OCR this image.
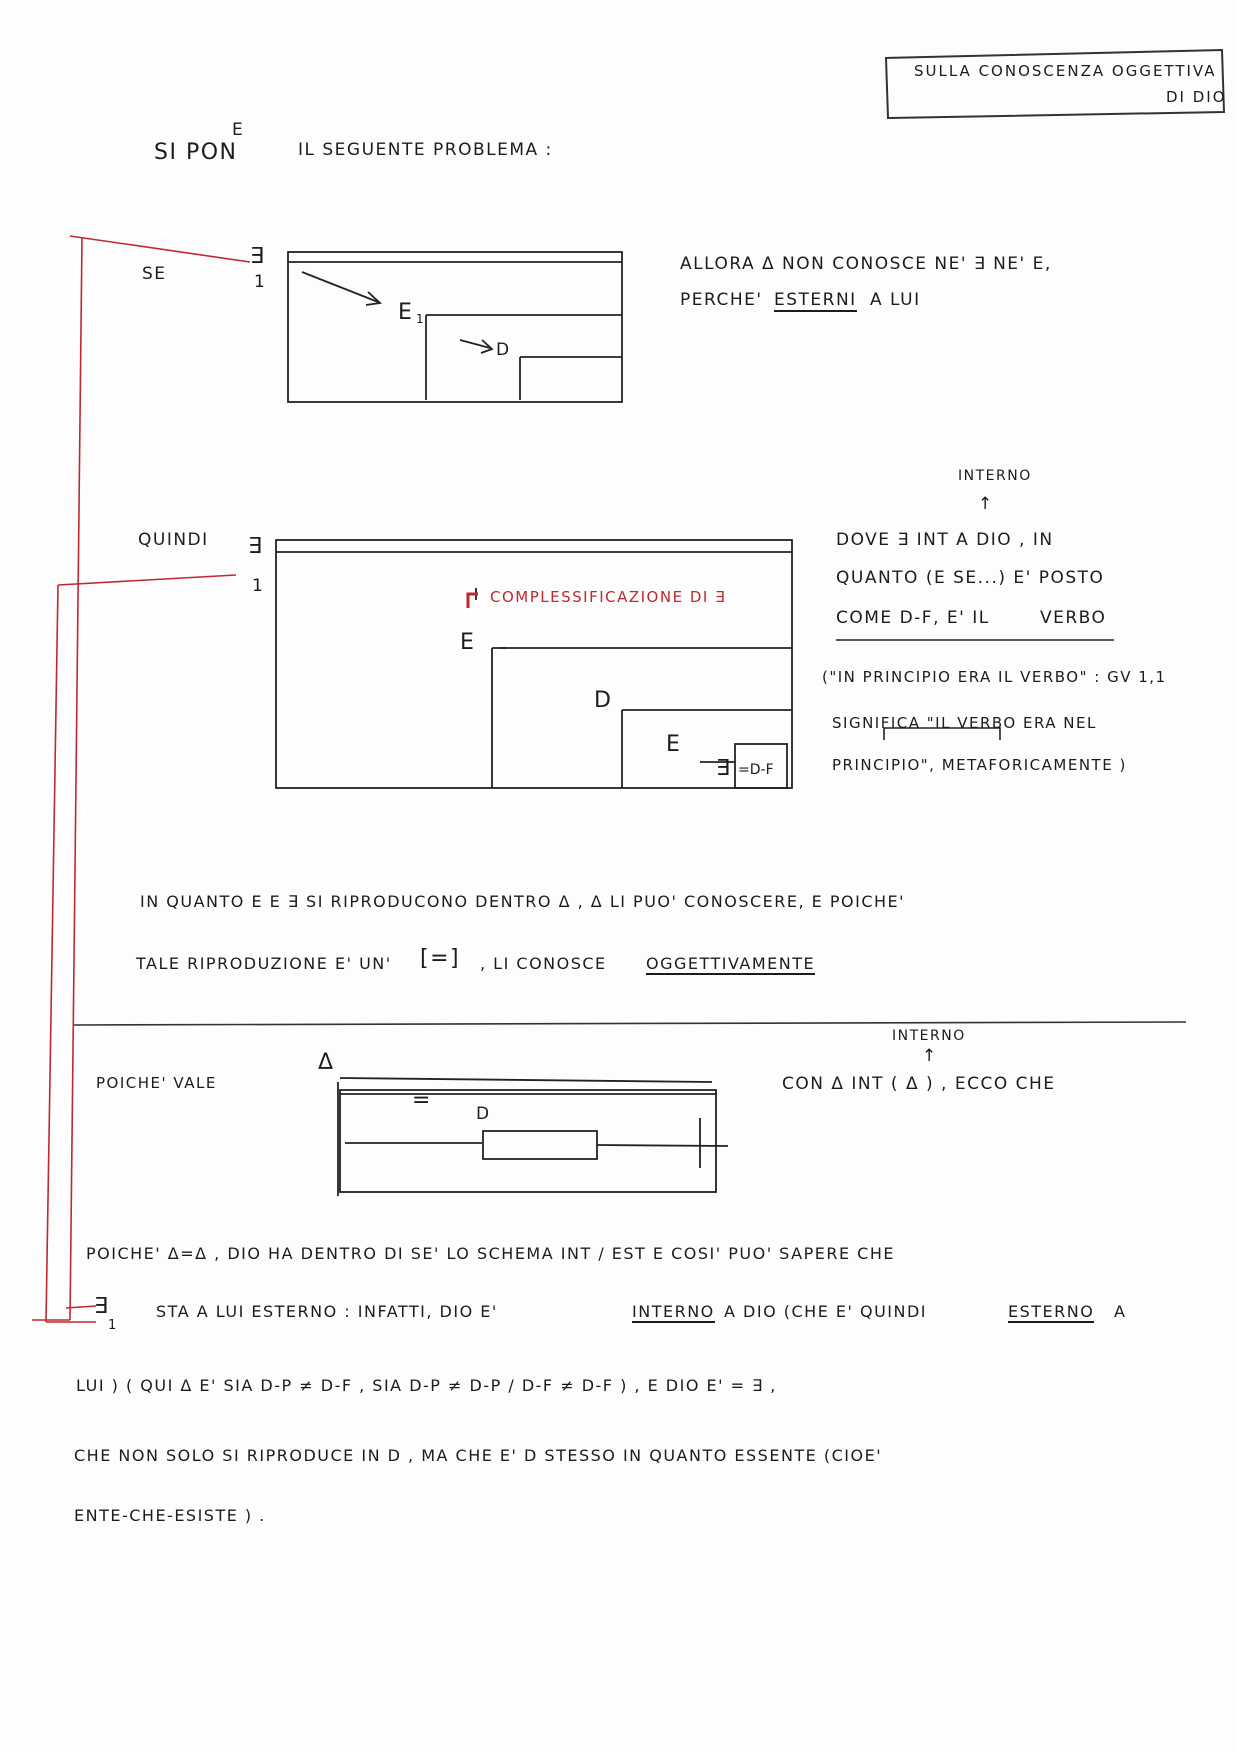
SULLA CONOSCENZA OGGETTIVA
DI DIO
SI PON
E
IL SEGUENTE PROBLEMA :
SE
∃
1
E 1
D
ALLORA Δ NON CONOSCE NE' ∃ NE' E,
PERCHE' ESTERNI A LUI
INTERNO
↑
QUINDI ∃
1
COMPLESSIFICAZIONE DI ∃
E
D
E
∃ =D-F
DOVE ∃ INT A DIO , IN
QUANTO (E SE...) E' POSTO
COME D-F, E' IL	VERBO
("IN PRINCIPIO ERA IL VERBO" : GV 1,1
SIGNIFICA "IL VERBO ERA NEL
PRINCIPIO", METAFORICAMENTE )
IN QUANTO E E ∃ SI RIPRODUCONO DENTRO Δ , Δ LI PUO' CONOSCERE, E POICHE'
TALE RIPRODUZIONE E' UN' [=] , LI CONOSCE OGGETTIVAMENTE
INTERNO
↑
POICHE' VALE
Δ
=
D
CON Δ INT ( Δ ) , ECCO CHE
POICHE' Δ=Δ , DIO HA DENTRO DI SE' LO SCHEMA INT / EST E COSI' PUO' SAPERE CHE
∃
1
STA A LUI ESTERNO : INFATTI, DIO E'	INTERNO A DIO (CHE E' QUINDI	ESTERNO A
LUI ) ( QUI Δ E' SIA D-P ≠ D-F , SIA D-P ≠ D-P / D-F ≠ D-F ) , E DIO E' = ∃ ,
CHE NON SOLO SI RIPRODUCE IN D , MA CHE E' D STESSO IN QUANTO ESSENTE (CIOE'
ENTE-CHE-ESISTE ) .
